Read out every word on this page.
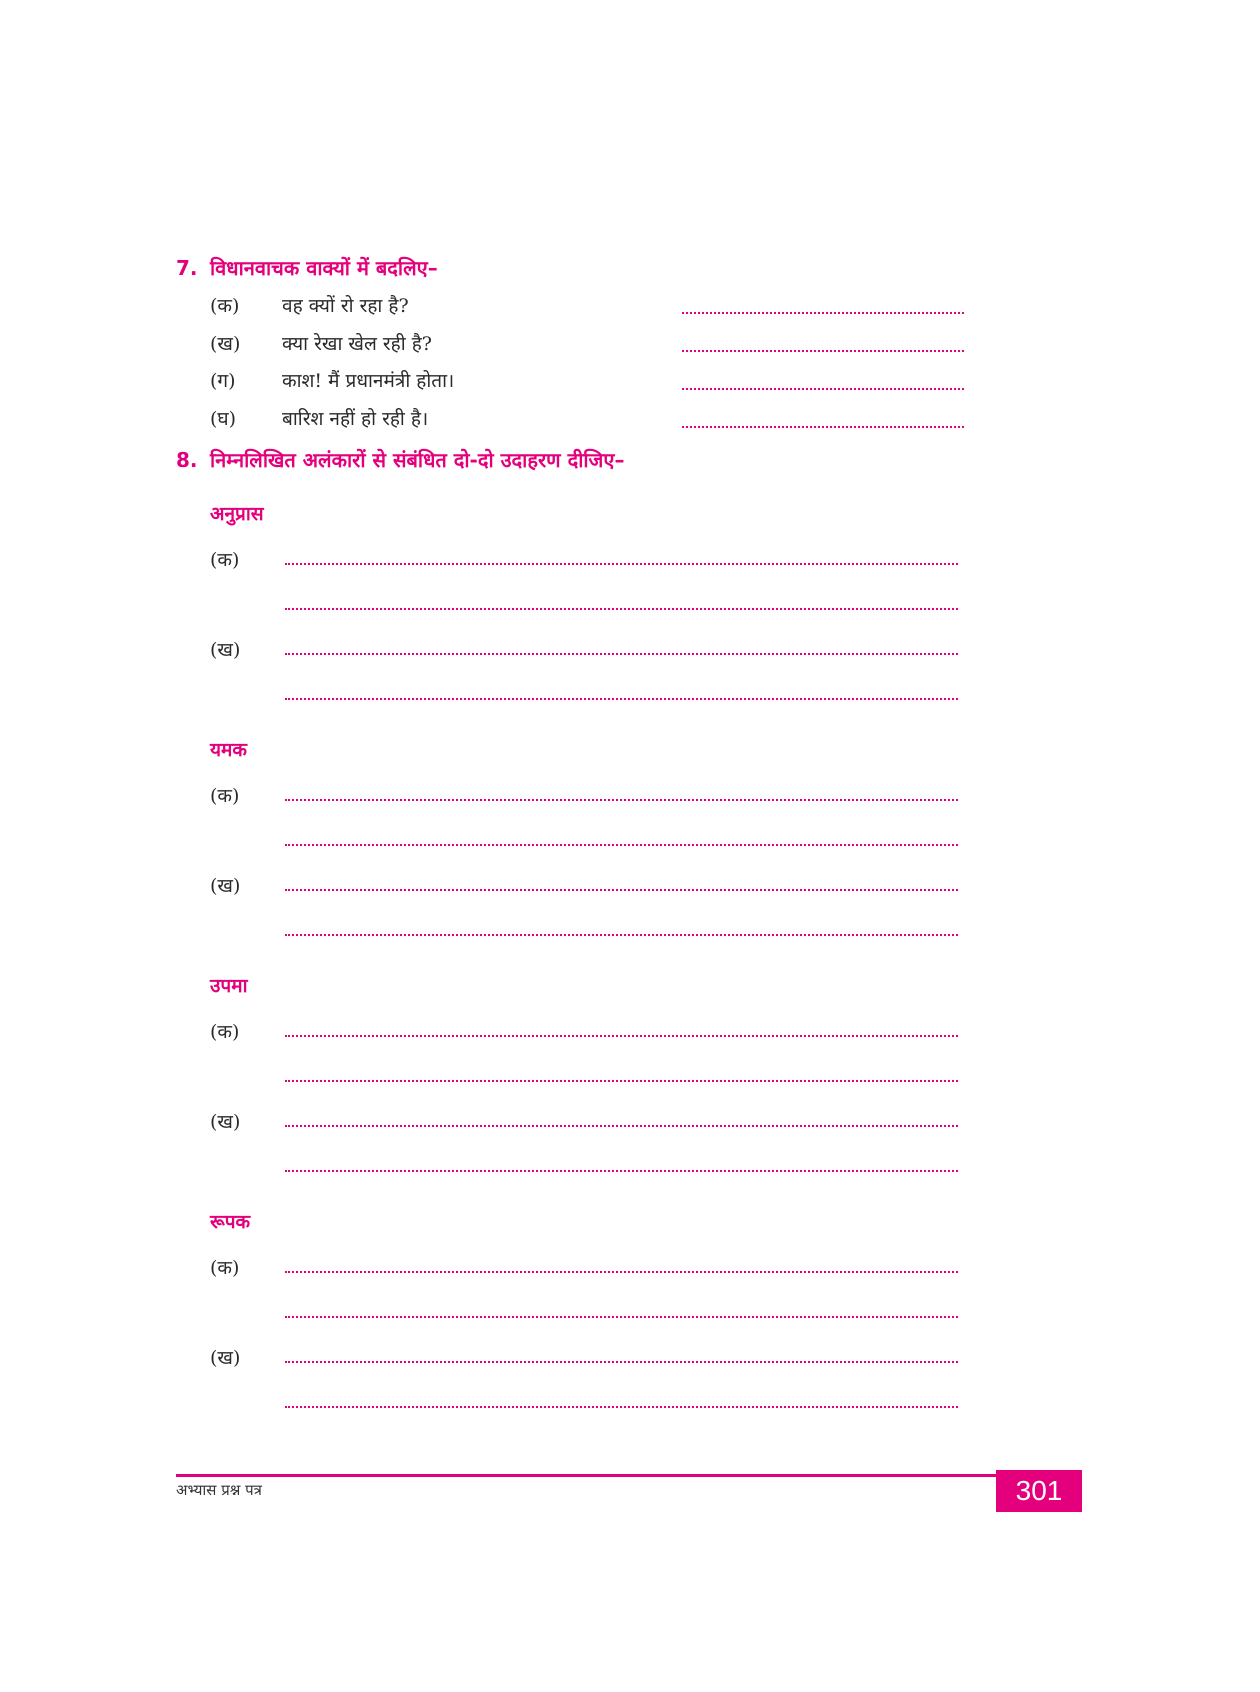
7. विधानवाचक वाक्यों में बदलिए–
(क) वह क्यों रो रहा है?
(ख) क्या रेखा खेल रही है?
(ग) काश! मैं प्रधानमंत्री होता।
(घ) बारिश नहीं हो रही है।
8. निम्नलिखित अलंकारों से संबंधित दो-दो उदाहरण दीजिए–
अनुप्रास
(क)
(ख)
यमक
(क)
(ख)
उपमा
(क)
(ख)
रूपक
(क)
(ख)
अभ्यास प्रश्न पत्र	301
